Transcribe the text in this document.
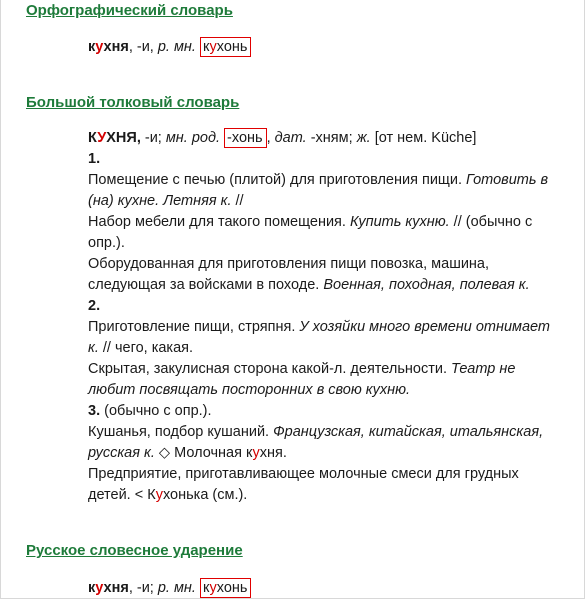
Орфографический словарь
кухня, -и, р. мн. кухонь
Большой толковый словарь

КУХНЯ, -и; мн. род. -хонь , дат. -хням; ж. [от нем. Küche]

1.

Помещение с печью (плитой) для приготовления пищи. Готовить в (на) кухне. Летняя к. //

Набор мебели для такого помещения. Купить кухню. // (обычно с опр.).

Оборудованная для приготовления пищи повозка, машина, следующая за войсками в походе. Военная, походная, полевая к.

2.

Приготовление пищи, стряпня. У хозяйки много времени отнимает к. // чего, какая.

Скрытая, закулисная сторона какой-л. деятельности. Театр не любит посвящать посторонних в свою кухню.

3. (обычно с опр.).

Кушанья, подбор кушаний. Французская, китайская, итальянская, русская к. ◇ Молочная кухня.

Предприятие, приготавливающее молочные смеси для грудных детей. < Кухонька (см.).

Русское словесное ударение
кухня, -и; р. мн. кухонь
